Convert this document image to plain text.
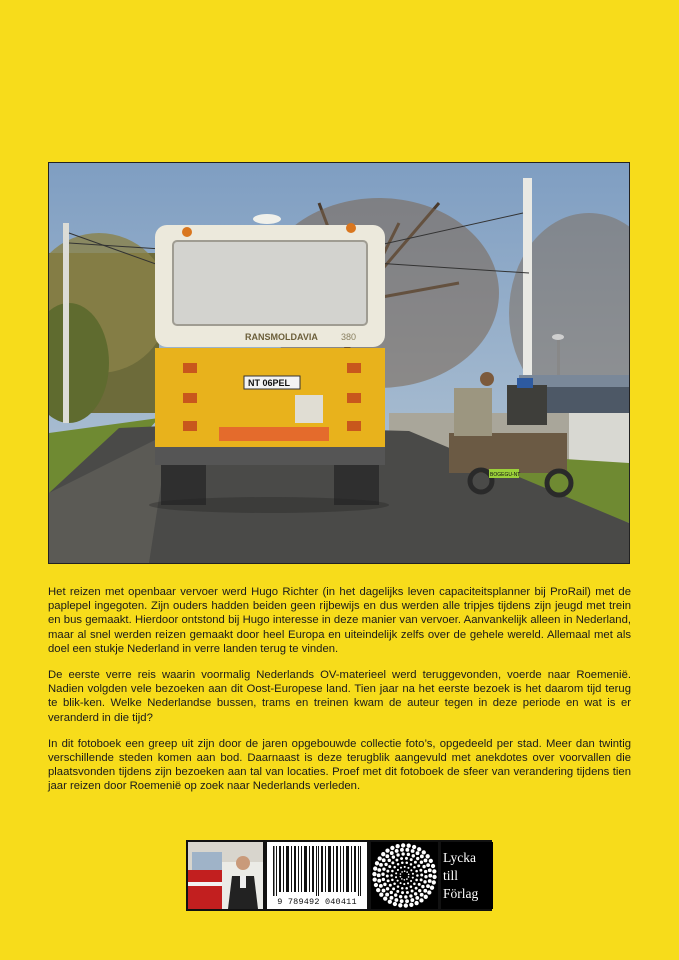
RANSMOLDAVIA	380
NT 06PEL
BOGEGU-NT

Het reizen met openbaar vervoer werd Hugo Richter (in het dagelijks leven capaciteitsplanner bij ProRail) met de paplepel ingegoten. Zijn ouders hadden beiden geen rijbewijs en dus werden alle tripjes tijdens zijn jeugd met trein en bus gemaakt. Hierdoor ontstond bij Hugo interesse in deze manier van vervoer. Aanvankelijk alleen in Nederland, maar al snel werden reizen gemaakt door heel Europa en uiteindelijk zelfs over de gehele wereld. Allemaal met als doel een stukje Nederland in verre landen terug te vinden.

De eerste verre reis waarin voormalig Nederlands OV-materieel werd teruggevonden, voerde naar Roemenië. Nadien volgden vele bezoeken aan dit Oost-Europese land. Tien jaar na het eerste bezoek is het daarom tijd terug te blik-ken. Welke Nederlandse bussen, trams en treinen kwam de auteur tegen in deze periode en wat is er veranderd in die tijd?

In dit fotoboek een greep uit zijn door de jaren opgebouwde collectie foto’s, opgedeeld per stad. Meer dan twintig verschillende steden komen aan bod. Daarnaast is deze terugblik aangevuld met anekdotes over voorvallen die plaatsvonden tijdens zijn bezoeken aan tal van locaties. Proef met dit fotoboek de sfeer van verandering tijdens tien jaar reizen door Roemenië op zoek naar Nederlands verleden.

9 789492 040411
Lycka
till
Förlag
